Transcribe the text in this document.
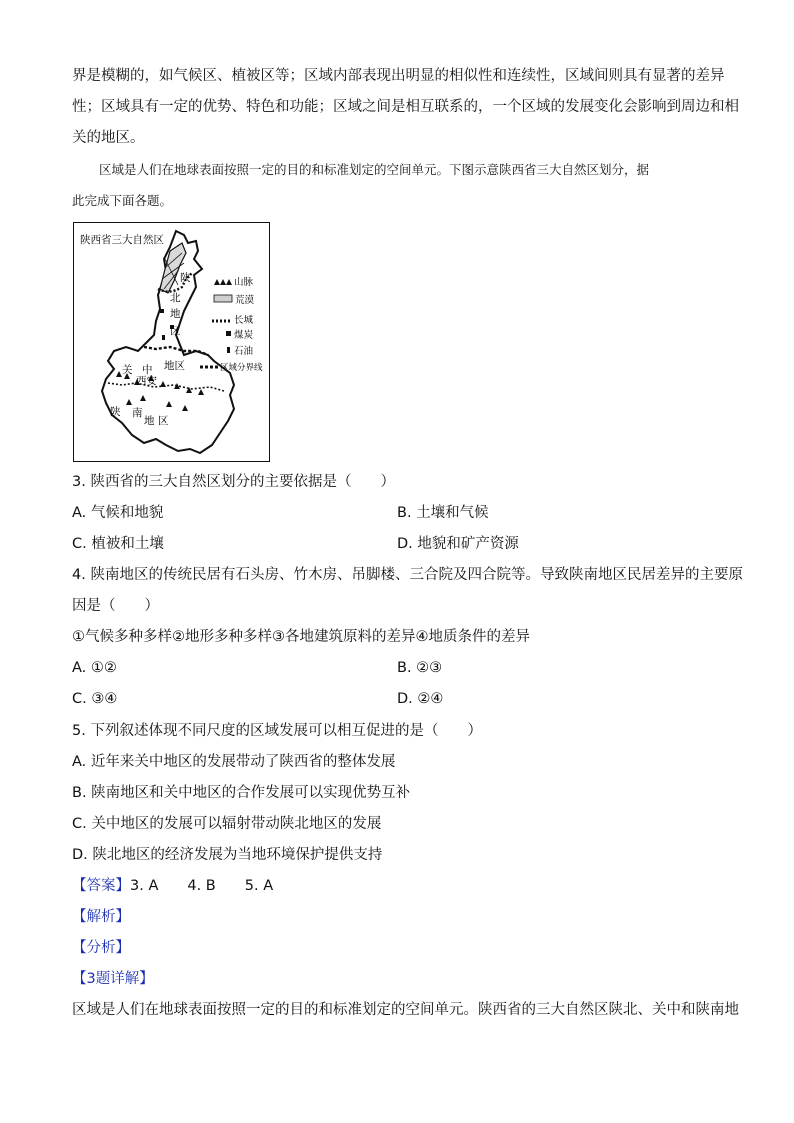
界是模糊的，如气候区、植被区等；区域内部表现出明显的相似性和连续性，区域间则具有显著的差异
性；区域具有一定的优势、特色和功能；区域之间是相互联系的，一个区域的发展变化会影响到周边和相
关的地区。
区域是人们在地球表面按照一定的目的和标准划定的空间单元。下图示意陕西省三大自然区划分，据
此完成下面各题。
陕西省三大自然区
陕
北
地
区
关 中 地区
西安
陕 南
地 区
山脉
荒漠
长城
煤炭
石油
区域分界线
3. 陕西省的三大自然区划分的主要依据是（　　）
A. 气候和地貌	B. 土壤和气候
C. 植被和土壤	D. 地貌和矿产资源
4. 陕南地区的传统民居有石头房、竹木房、吊脚楼、三合院及四合院等。导致陕南地区民居差异的主要原
因是（　　）
①气候多种多样②地形多种多样③各地建筑原料的差异④地质条件的差异
A. ①②	B. ②③
C. ③④	D. ②④
5. 下列叙述体现不同尺度的区域发展可以相互促进的是（　　）
A. 近年来关中地区的发展带动了陕西省的整体发展
B. 陕南地区和关中地区的合作发展可以实现优势互补
C. 关中地区的发展可以辐射带动陕北地区的发展
D. 陕北地区的经济发展为当地环境保护提供支持
【答案】3. A　　4. B　　5. A
【解析】
【分析】
【3题详解】
区域是人们在地球表面按照一定的目的和标准划定的空间单元。陕西省的三大自然区陕北、关中和陕南地
